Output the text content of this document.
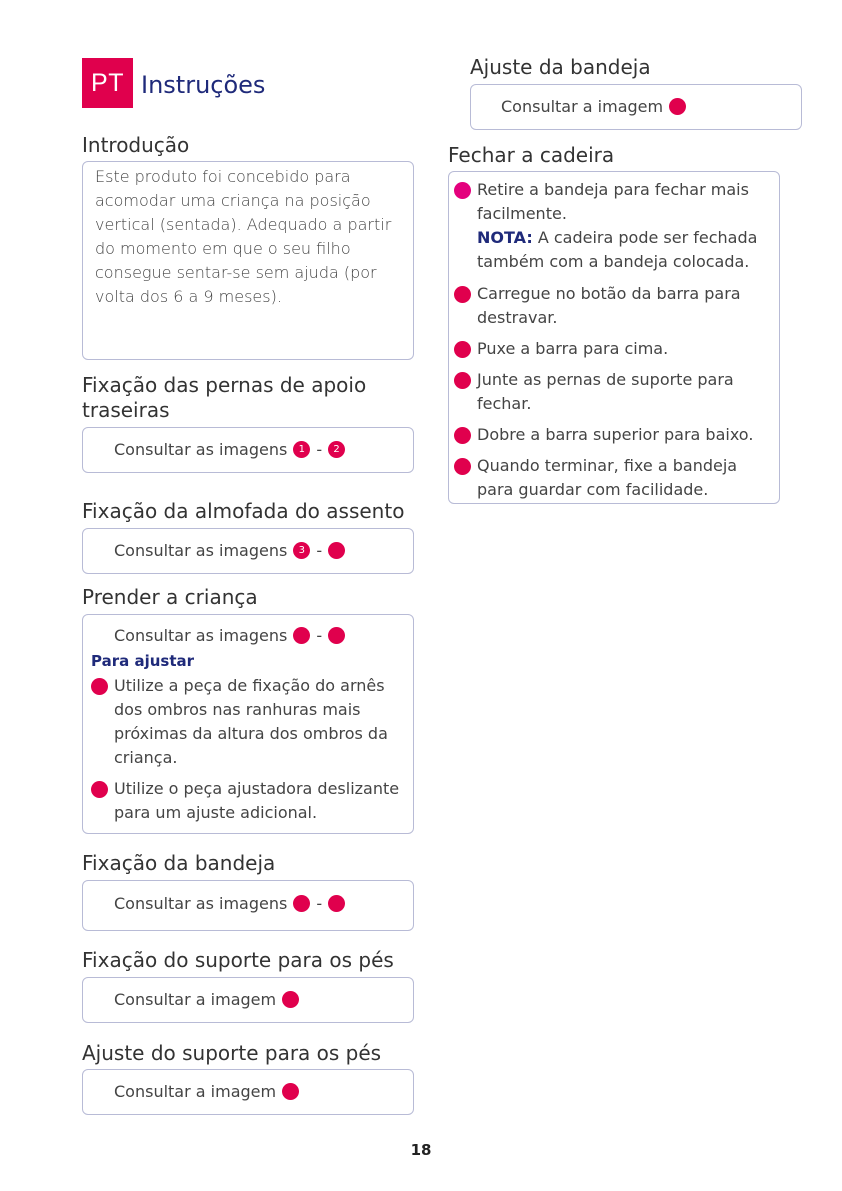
PT Instruções
Introdução
Este produto foi concebido para acomodar uma criança na posição vertical (sentada). Adequado a partir do momento em que o seu filho consegue sentar-se sem ajuda (por volta dos 6 a 9 meses).
Fixação das pernas de apoio
traseiras
Consultar as imagens	1 -	2
Fixação da almofada do assento
Consultar as imagens	3 -
Prender a criança
Consultar as imagens -
Para ajustar
Utilize a peça de fixação do arnês dos ombros nas ranhuras mais próximas da altura dos ombros da criança.
Utilize o peça ajustadora deslizante para um ajuste adicional.
Fixação da bandeja
Consultar as imagens -
Fixação do suporte para os pés
Consultar a imagem
Ajuste do suporte para os pés
Consultar a imagem
Ajuste da bandeja
Consultar a imagem
Fechar a cadeira
Retire a bandeja para fechar mais facilmente.
NOTA: A cadeira pode ser fechada também com a bandeja colocada.
Carregue no botão da barra para destravar.
Puxe a barra para cima.
Junte as pernas de suporte para fechar.
Dobre a barra superior para baixo.
Quando terminar, fixe a bandeja para guardar com facilidade.
18
